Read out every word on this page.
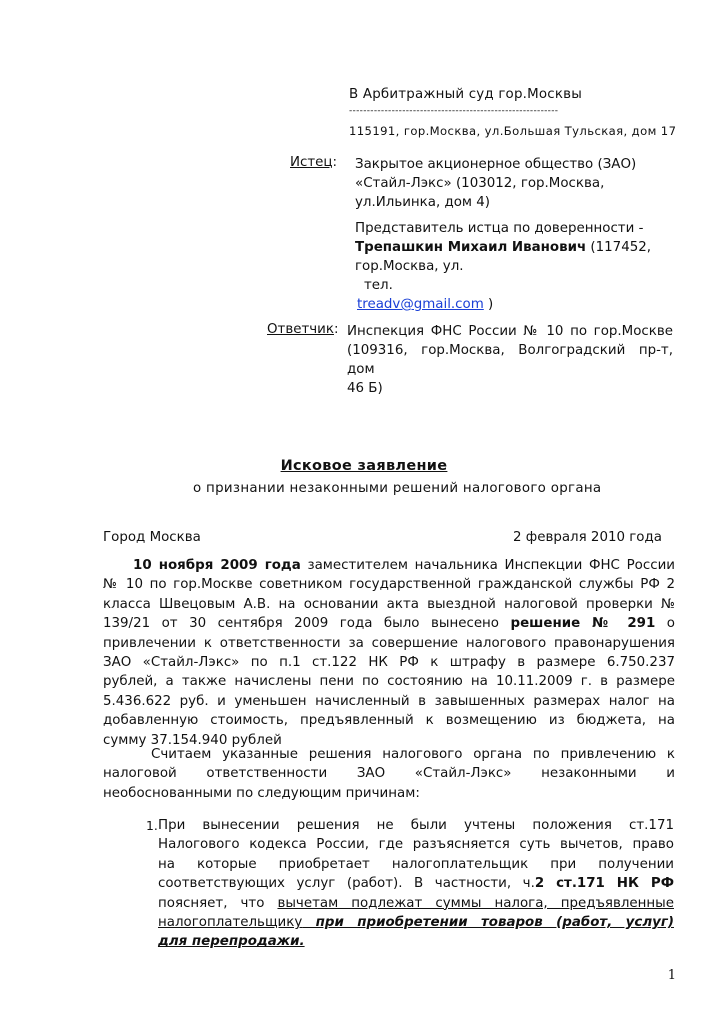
В Арбитражный суд гор.Москвы
-----------------------------------------------------------
115191, гор.Москва, ул.Большая Тульская, дом 17
Истец: Закрытое акционерное общество (ЗАО)
«Стайл-Лэкс» (103012, гор.Москва,
ул.Ильинка, дом 4)
Представитель истца по доверенности -
Трепашкин Михаил Иванович (117452,
гор.Москва, ул.
тел.
treadv@gmail.com )
Ответчик: Инспекция ФНС России № 10 по гор.Москве
(109316, гор.Москва, Волгоградский пр-т, дом
46 Б)
Исковое заявление
о признании незаконными решений налогового органа
Город Москва	2 февраля 2010 года
10 ноября 2009 года заместителем начальника Инспекции ФНС России
№ 10 по гор.Москве советником государственной гражданской службы РФ 2
класса Швецовым А.В. на основании акта выездной налоговой проверки №
139/21 от 30 сентября 2009 года было вынесено решение № 291 о
привлечении к ответственности за совершение налогового правонарушения
ЗАО «Стайл-Лэкс» по п.1 ст.122 НК РФ к штрафу в размере 6.750.237
рублей, а также начислены пени по состоянию на 10.11.2009 г. в размере
5.436.622 руб. и уменьшен начисленный в завышенных размерах налог на
добавленную стоимость, предъявленный к возмещению из бюджета, на
сумму 37.154.940 рублей
Считаем указанные решения налогового органа по привлечению к
налоговой ответственности ЗАО «Стайл-Лэкс» незаконными и
необоснованными по следующим причинам:
1. При вынесении решения не были учтены положения ст.171
Налогового кодекса России, где разъясняется суть вычетов, право
на которые приобретает налогоплательщик при получении
соответствующих услуг (работ). В частности, ч.2 ст.171 НК РФ
поясняет, что вычетам подлежат суммы налога, предъявленные
налогоплательщику при приобретении товаров (работ, услуг)
для перепродажи.
1
